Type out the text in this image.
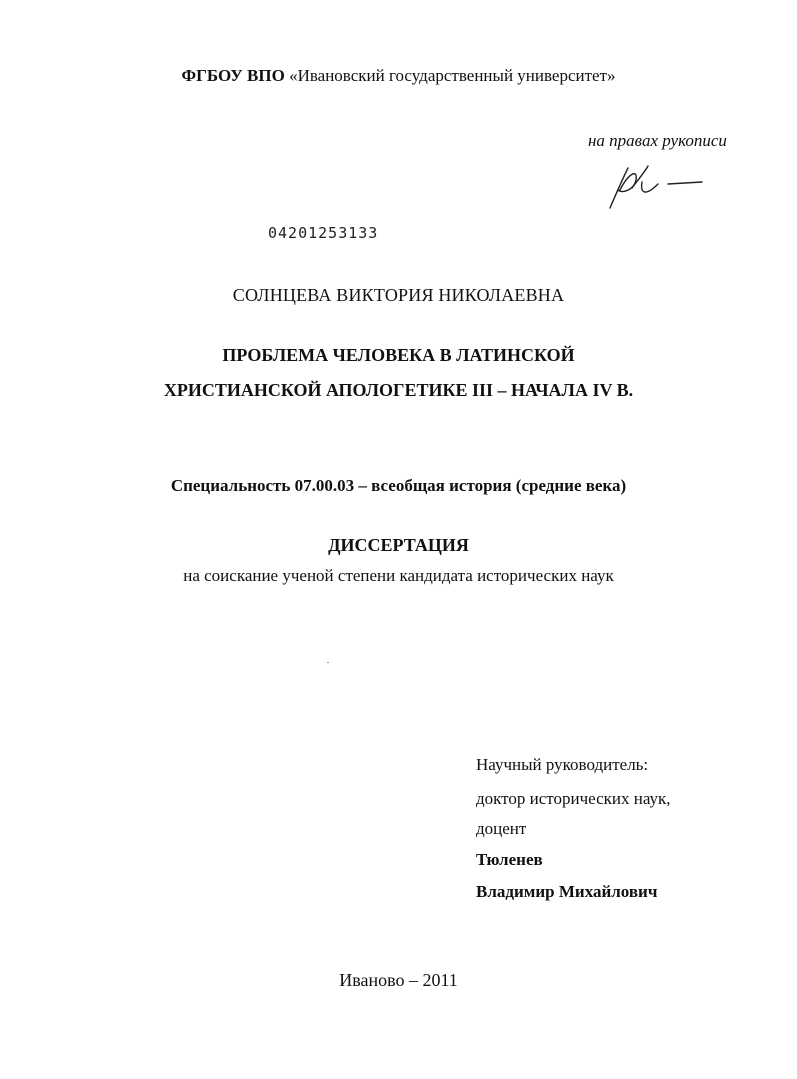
ФГБОУ ВПО «Ивановский государственный университет»
на правах рукописи
04201253133
СОЛНЦЕВА ВИКТОРИЯ НИКОЛАЕВНА
ПРОБЛЕМА ЧЕЛОВЕКА В ЛАТИНСКОЙ
ХРИСТИАНСКОЙ АПОЛОГЕТИКЕ III – НАЧАЛА IV В.
Специальность 07.00.03 – всеобщая история (средние века)
ДИССЕРТАЦИЯ
на соискание ученой степени кандидата исторических наук
Научный руководитель:
доктор исторических наук,
доцент
Тюленев
Владимир Михайлович
Иваново – 2011
